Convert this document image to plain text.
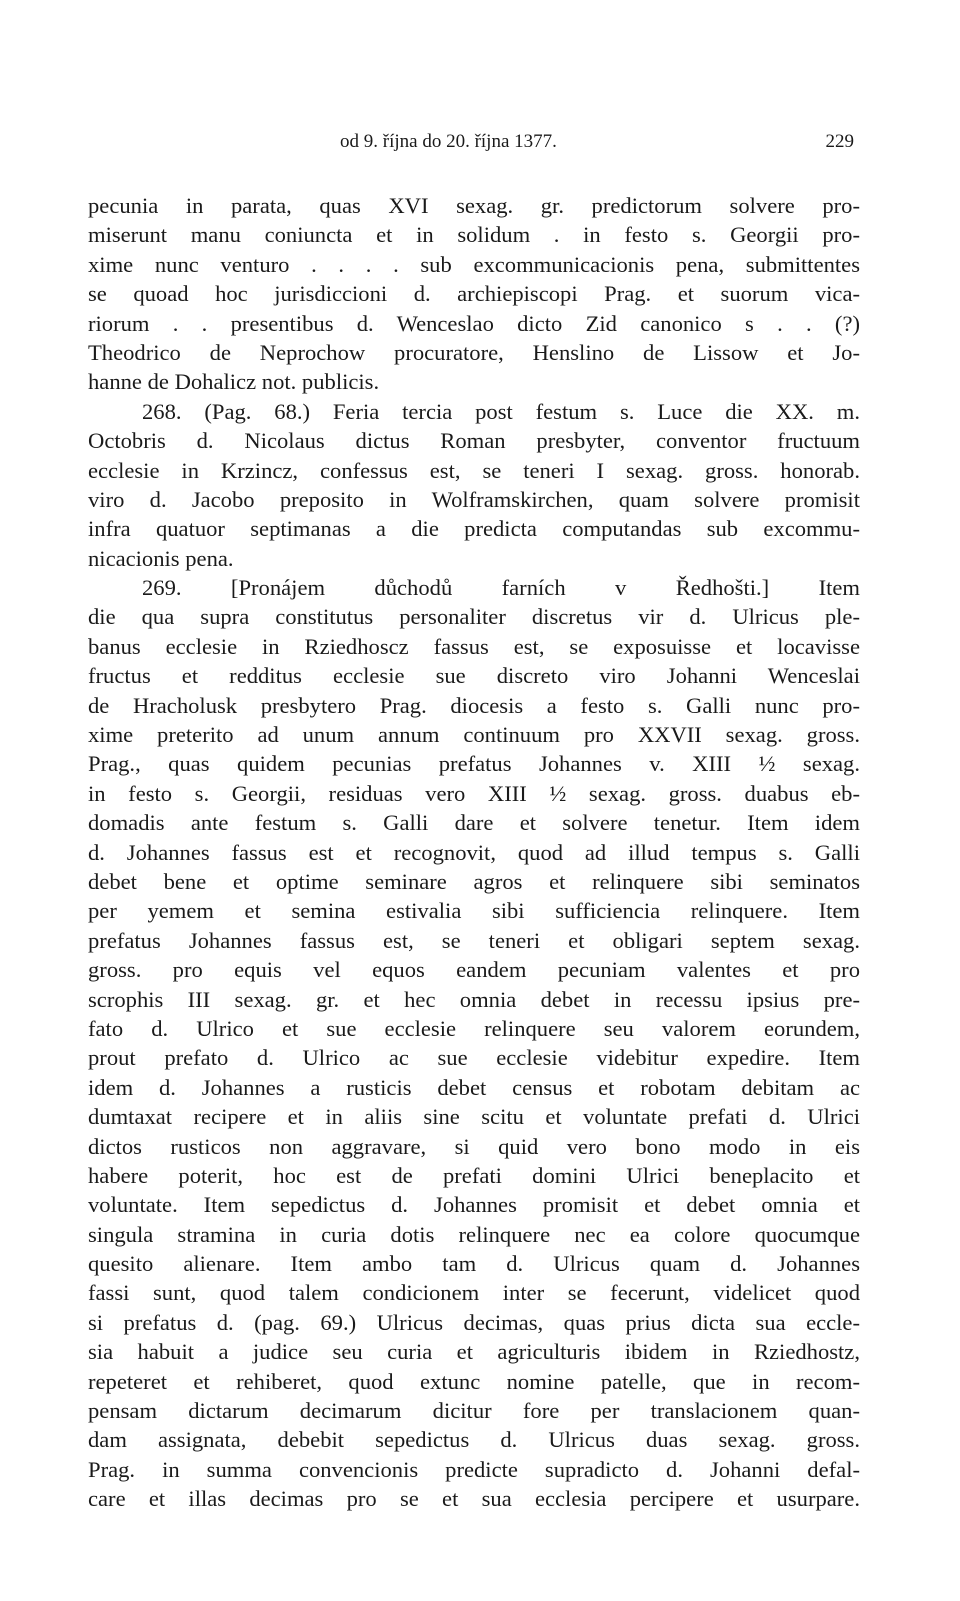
od 9. října do 20. října 1377.	229
pecunia in parata, quas XVI sexag. gr. predictorum solvere pro-
miserunt manu coniuncta et in solidum . in festo s. Georgii pro-
xime nunc venturo . . . . sub excommunicacionis pena, submittentes
se quoad hoc jurisdiccioni d. archiepiscopi Prag. et suorum vica-
riorum . . presentibus d. Wenceslao dicto Zid canonico s . . (?)
Theodrico de Neprochow procuratore, Henslino de Lissow et Jo-
hanne de Dohalicz not. publicis.
268. (Pag. 68.) Feria tercia post festum s. Luce die XX. m.
Octobris d. Nicolaus dictus Roman presbyter, conventor fructuum
ecclesie in Krzincz, confessus est, se teneri I sexag. gross. honorab.
viro d. Jacobo preposito in Wolframskirchen, quam solvere promisit
infra quatuor septimanas a die predicta computandas sub excommu-
nicacionis pena.
269. [Pronájem důchodů farních v Ředhošti.] Item
die qua supra constitutus personaliter discretus vir d. Ulricus ple-
banus ecclesie in Rziedhoscz fassus est, se exposuisse et locavisse
fructus et redditus ecclesie sue discreto viro Johanni Wenceslai
de Hracholusk presbytero Prag. diocesis a festo s. Galli nunc pro-
xime preterito ad unum annum continuum pro XXVII sexag. gross.
Prag., quas quidem pecunias prefatus Johannes v. XIII ½ sexag.
in festo s. Georgii, residuas vero XIII ½ sexag. gross. duabus eb-
domadis ante festum s. Galli dare et solvere tenetur. Item idem
d. Johannes fassus est et recognovit, quod ad illud tempus s. Galli
debet bene et optime seminare agros et relinquere sibi seminatos
per yemem et semina estivalia sibi sufficiencia relinquere. Item
prefatus Johannes fassus est, se teneri et obligari septem sexag.
gross. pro equis vel equos eandem pecuniam valentes et pro
scrophis III sexag. gr. et hec omnia debet in recessu ipsius pre-
fato d. Ulrico et sue ecclesie relinquere seu valorem eorundem,
prout prefato d. Ulrico ac sue ecclesie videbitur expedire. Item
idem d. Johannes a rusticis debet census et robotam debitam ac
dumtaxat recipere et in aliis sine scitu et voluntate prefati d. Ulrici
dictos rusticos non aggravare, si quid vero bono modo in eis
habere poterit, hoc est de prefati domini Ulrici beneplacito et
voluntate. Item sepedictus d. Johannes promisit et debet omnia et
singula stramina in curia dotis relinquere nec ea colore quocumque
quesito alienare. Item ambo tam d. Ulricus quam d. Johannes
fassi sunt, quod talem condicionem inter se fecerunt, videlicet quod
si prefatus d. (pag. 69.) Ulricus decimas, quas prius dicta sua eccle-
sia habuit a judice seu curia et agriculturis ibidem in Rziedhostz,
repeteret et rehiberet, quod extunc nomine patelle, que in recom-
pensam dictarum decimarum dicitur fore per translacionem quan-
dam assignata, debebit sepedictus d. Ulricus duas sexag. gross.
Prag. in summa convencionis predicte supradicto d. Johanni defal-
care et illas decimas pro se et sua ecclesia percipere et usurpare.
